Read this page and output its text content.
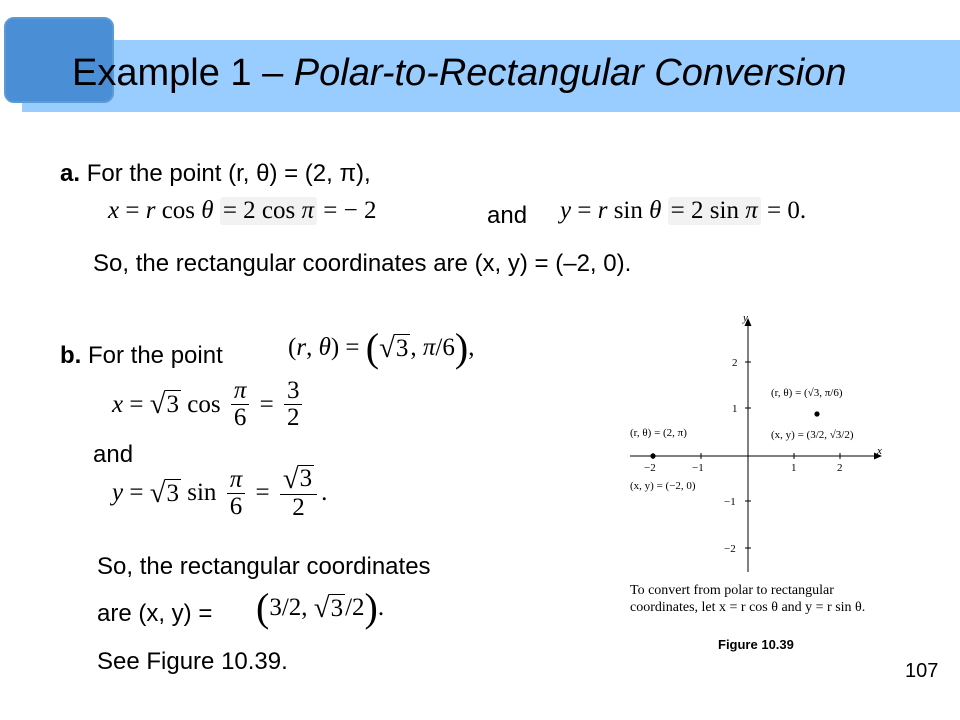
Example 1 – Polar-to-Rectangular Conversion
a. For the point (r, θ) = (2, π),
x = r cos θ
= 2 cos π = − 2	and y = r sin θ
= 2 sin π = 0.
So, the rectangular coordinates are (x, y) = (–2, 0).
b. For the point	( r , θ ) = ( √ 3 , π /6 ) ,
x = √ 3 $\cos \frac{\pi}{6} = \frac{3}{2}$
and
y = √ 3 $\sin \frac{\pi}{6} = \frac{√ 3}{2}$ .
So, the rectangular coordinates
are (x, y) = ( 3/2, √ 3 /2 ) .
See Figure 10.39.
x
y
−2	−1	1	2
2
1
−1
−2
(r, θ) = (2, π)
(x, y) = (−2, 0)
(r, θ) = (√3, π/6)
(x, y) = (3/2, √3/2)
To convert from polar to rectangular
coordinates, let x = r cos θ and y = r sin θ.
Figure 10.39
107
